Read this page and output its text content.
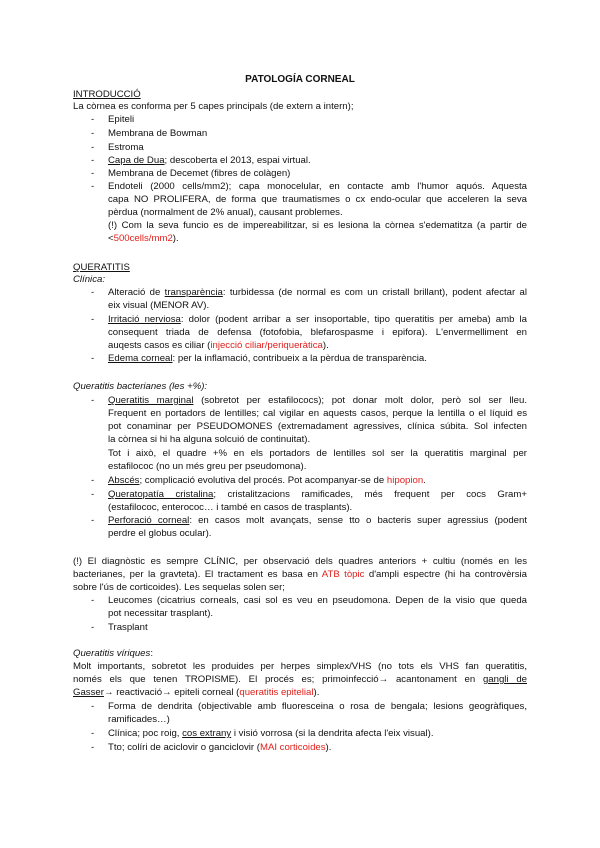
PATOLOGÍA CORNEAL
INTRODUCCIÓ
La còrnea es conforma per 5 capes principals (de extern a intern);
- Epiteli
- Membrana de Bowman
- Estroma
- Capa de Dua; descoberta el 2013, espai virtual.
- Membrana de Decemet (fibres de colàgen)
- Endoteli (2000 cells/mm2); capa monocelular, en contacte amb l'humor aquós. Aquesta
capa NO PROLIFERA, de forma que traumatismes o cx endo-ocular que acceleren la seva
pèrdua (normalment de 2% anual), causant problemes.
(!) Com la seva funcio es de impereabilitzar, si es lesiona la còrnea s'edematitza (a partir de
<500cells/mm2).
QUERATITIS
Clínica:
- Alteració de transparència: turbidessa (de normal es com un cristall brillant), podent afectar al
eix visual (MENOR AV).
- Irritació nerviosa: dolor (podent arribar a ser insoportable, tipo queratitis per ameba) amb la
consequent triada de defensa (fotofobia, blefarospasme i epifora). L'envermelliment en
auqests casos es ciliar (injecció ciliar/periqueràtica).
- Edema corneal: per la inflamació, contribueix a la pèrdua de transparència.
Queratitis bacterianes (les +%):
- Queratitis marginal (sobretot per estafilococs); pot donar molt dolor, però sol ser lleu.
Frequent en portadors de lentilles; cal vigilar en aquests casos, perque la lentilla o el líquid es
pot conaminar per PSEUDOMONES (extremadament agressives, clínica súbita. Sol infecten
la còrnea si hi ha alguna solcuió de continuitat).
Tot i això, el quadre +% en els portadors de lentilles sol ser la queratitis marginal per
estafilococ (no un més greu per pseudomona).
- Abscés; complicació evolutiva del procés. Pot acompanyar-se de hipopion.
- Queratopatía cristalina; cristalitzacions ramificades, més frequent per cocs Gram+
(estafilococ, enterococ… i també en casos de trasplants).
- Perforació corneal: en casos molt avançats, sense tto o bacteris super agressius (podent
perdre el globus ocular).
(!) El diagnòstic es sempre CLÍNIC, per observació dels quadres anteriors + cultiu (només en les
bacterianes, per la gravteta). El tractament es basa en ATB tòpic d'ampli espectre (hi ha controvèrsia
sobre l'ús de corticoides). Les sequelas solen ser;
- Leucomes (cicatrius corneals, casi sol es veu en pseudomona. Depen de la visio que queda
pot necessitar trasplant).
- Trasplant
Queratitis víriques:
Molt importants, sobretot les produides per herpes simplex/VHS (no tots els VHS fan queratitis,
només els que tenen TROPISME). El procés es; primoinfecció→ acantonament en gangli de
Gasser→ reactivació→ epiteli corneal (queratitis epitelial).
- Forma de dendrita (objectivable amb fluoresceina o rosa de bengala; lesions geogràfiques,
ramificades…)
- Clínica; poc roig, cos extrany i visió vorrosa (si la dendrita afecta l'eix visual).
- Tto; colíri de aciclovir o ganciclovir (MAI corticoides).
